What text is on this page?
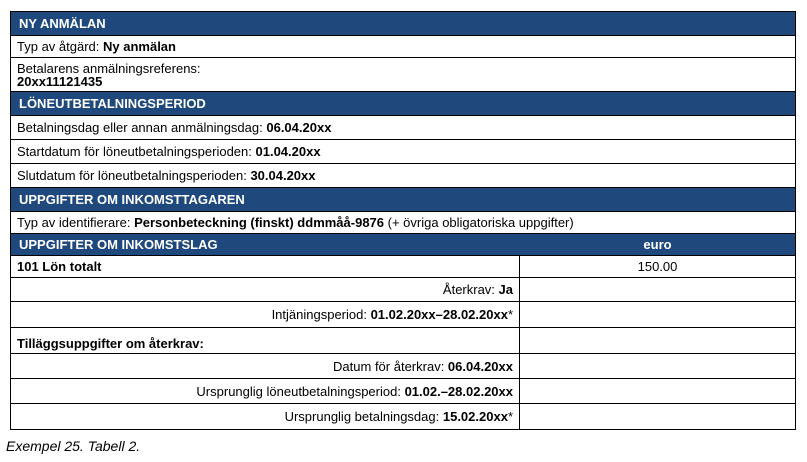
NY ANMÄLAN
Typ av åtgärd: Ny anmälan
Betalarens anmälningsreferens:
20xx11121435
LÖNEUTBETALNINGSPERIOD
Betalningsdag eller annan anmälningsdag: 06.04.20xx
Startdatum för löneutbetalningsperioden: 01.04.20xx
Slutdatum för löneutbetalningsperioden: 30.04.20xx
UPPGIFTER OM INKOMSTTAGAREN
Typ av identifierare: Personbeteckning (finskt) ddmmåå-9876 (+ övriga obligatoriska uppgifter)
UPPGIFTER OM INKOMSTSLAG	euro
101 Lön totalt	150.00
Återkrav: Ja
Intjäningsperiod: 01.02.20xx–28.02.20xx *
Tilläggsuppgifter om återkrav:
Datum för återkrav: 06.04.20xx
Ursprunglig löneutbetalningsperiod: 01.02.–28.02.20xx
Ursprunglig betalningsdag: 15.02.20xx *
Exempel 25. Tabell 2.
